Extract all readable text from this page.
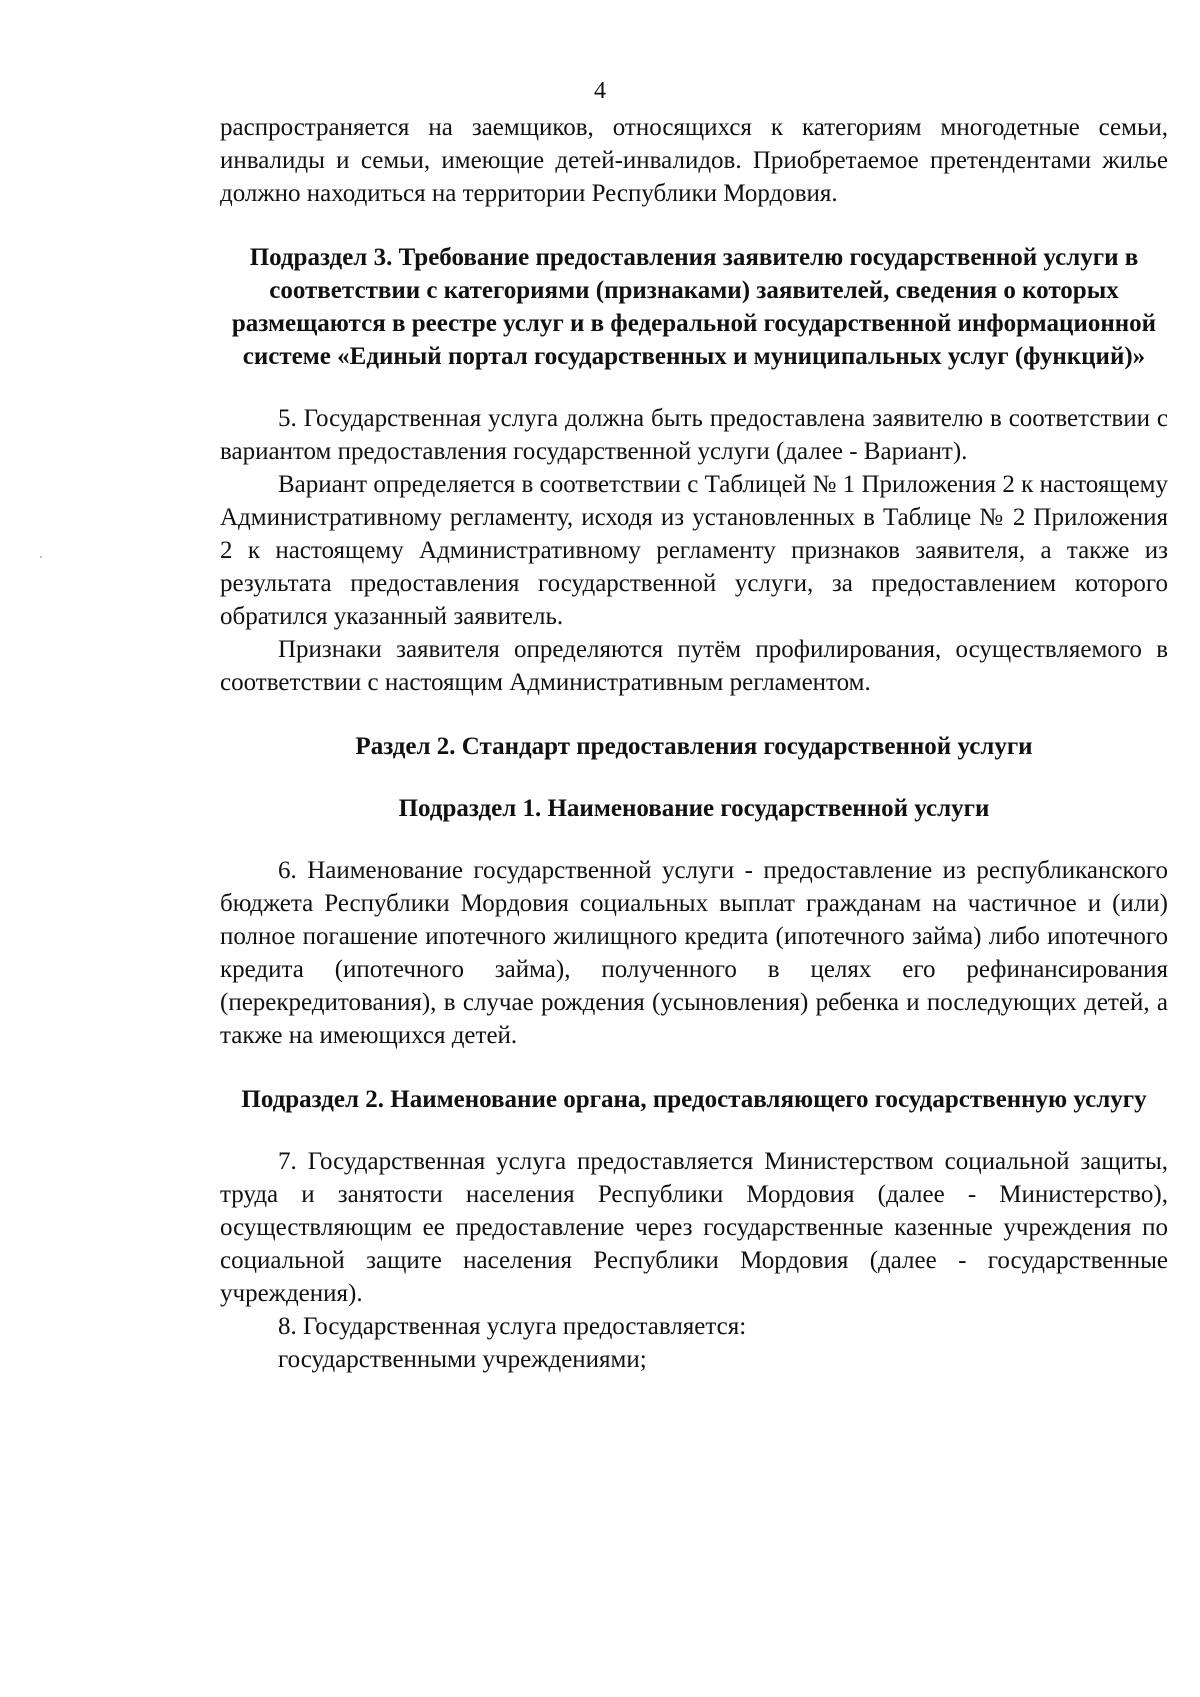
4

распространяется на заемщиков, относящихся к категориям многодетные семьи, инвалиды и семьи, имеющие детей-инвалидов. Приобретаемое претендентами жилье должно находиться на территории Республики Мордовия.

Подраздел 3. Требование предоставления заявителю государственной услуги в соответствии с категориями (признаками) заявителей, сведения о которых размещаются в реестре услуг и в федеральной государственной информационной системе «Единый портал государственных и муниципальных услуг (функций)»

5. Государственная услуга должна быть предоставлена заявителю в соответствии с вариантом предоставления государственной услуги (далее - Вариант).

Вариант определяется в соответствии с Таблицей № 1 Приложения 2 к настоящему Административному регламенту, исходя из установленных в Таблице № 2 Приложения 2 к настоящему Административному регламенту признаков заявителя, а также из результата предоставления государственной услуги, за предоставлением которого обратился указанный заявитель.

Признаки заявителя определяются путём профилирования, осуществляемого в соответствии с настоящим Административным регламентом.

Раздел 2. Стандарт предоставления государственной услуги

Подраздел 1. Наименование государственной услуги

6. Наименование государственной услуги - предоставление из республиканского бюджета Республики Мордовия социальных выплат гражданам на частичное и (или) полное погашение ипотечного жилищного кредита (ипотечного займа) либо ипотечного кредита (ипотечного займа), полученного в целях его рефинансирования (перекредитования), в случае рождения (усыновления) ребенка и последующих детей, а также на имеющихся детей.

Подраздел 2. Наименование органа, предоставляющего государственную услугу

7. Государственная услуга предоставляется Министерством социальной защиты, труда и занятости населения Республики Мордовия (далее - Министерство), осуществляющим ее предоставление через государственные казенные учреждения по социальной защите населения Республики Мордовия (далее - государственные учреждения).

8. Государственная услуга предоставляется:

государственными учреждениями;
